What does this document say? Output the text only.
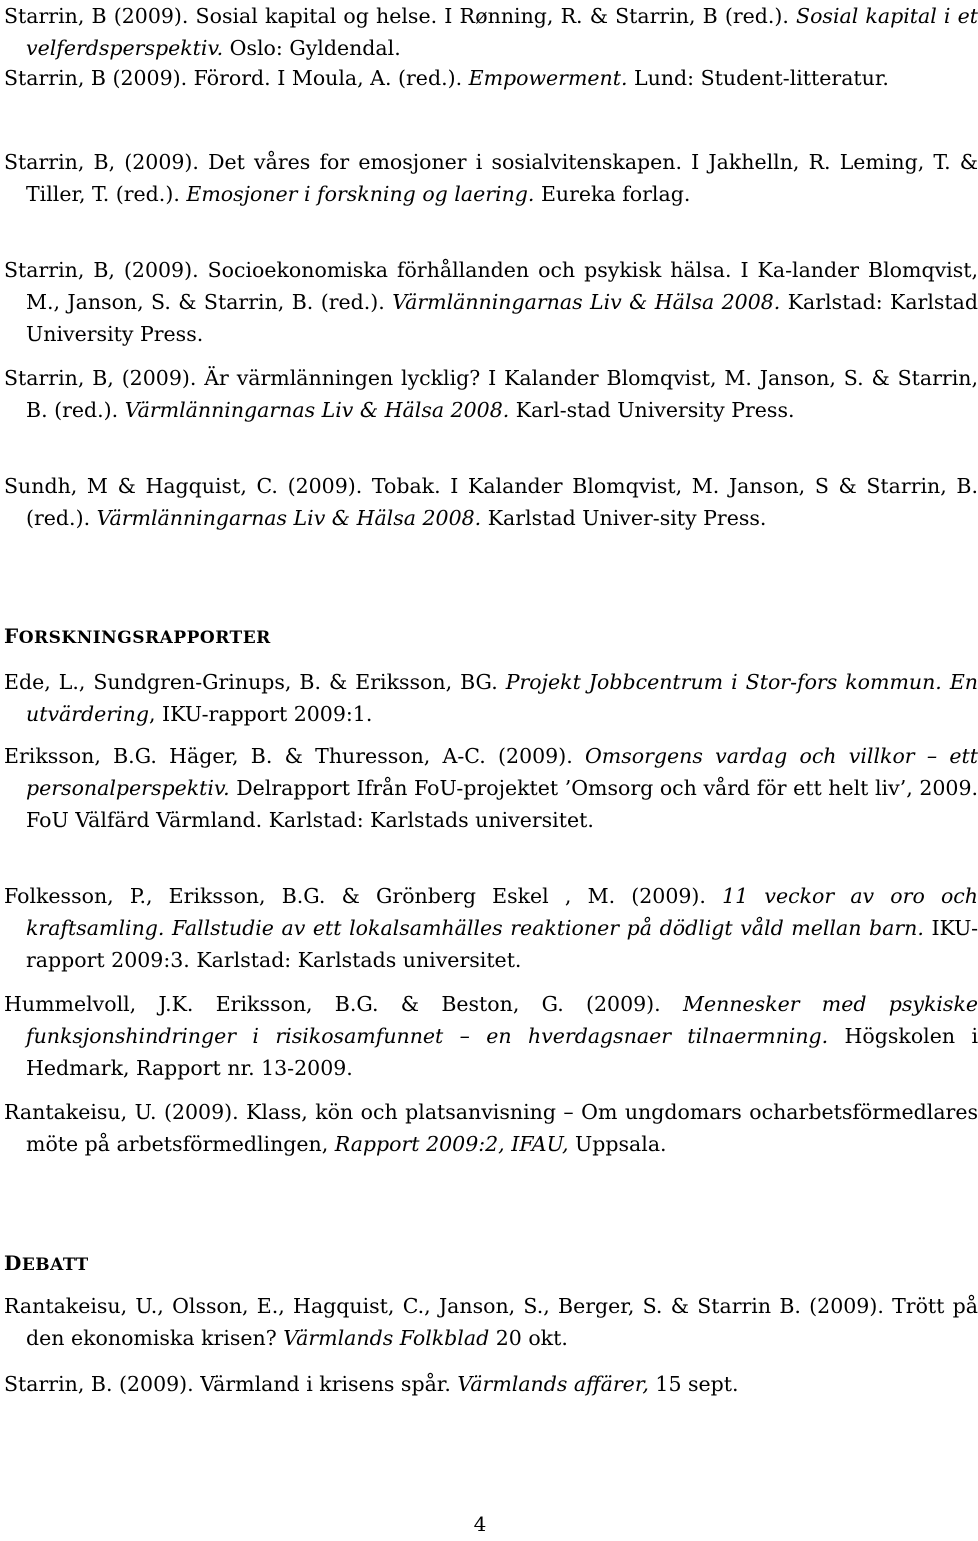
Starrin, B (2009). Sosial kapital og helse. I Rønning, R. & Starrin, B (red.). Sosial kapital i et velferdsperspektiv. Oslo: Gyldendal.
Starrin, B (2009). Förord. I Moula, A. (red.). Empowerment. Lund: Student-litteratur.
Starrin, B, (2009). Det våres for emosjoner i sosialvitenskapen. I Jakhelln, R. Leming, T. & Tiller, T. (red.). Emosjoner i forskning og laering. Eureka forlag.
Starrin, B, (2009). Socioekonomiska förhållanden och psykisk hälsa. I Ka-lander Blomqvist, M., Janson, S. & Starrin, B. (red.). Värmlänningarnas Liv & Hälsa 2008. Karlstad: Karlstad University Press.
Starrin, B, (2009). Är värmlänningen lycklig? I Kalander Blomqvist, M. Janson, S. & Starrin, B. (red.). Värmlänningarnas Liv & Hälsa 2008. Karl-stad University Press.
Sundh, M & Hagquist, C. (2009). Tobak. I Kalander Blomqvist, M. Janson, S & Starrin, B. (red.). Värmlänningarnas Liv & Hälsa 2008. Karlstad Univer-sity Press.
FORSKNINGSRAPPORTER
Ede, L., Sundgren-Grinups, B. & Eriksson, BG. Projekt Jobbcentrum i Stor-fors kommun. En utvärdering, IKU-rapport 2009:1.
Eriksson, B.G. Häger, B. & Thuresson, A-C. (2009). Omsorgens vardag och villkor – ett personalperspektiv. Delrapport Ifrån FoU-projektet ’Omsorg och vård för ett helt liv’, 2009. FoU Välfärd Värmland. Karlstad: Karlstads universitet.
Folkesson, P., Eriksson, B.G. & Grönberg Eskel , M. (2009). 11 veckor av oro och kraftsamling. Fallstudie av ett lokalsamhälles reaktioner på dödligt våld mellan barn. IKU-rapport 2009:3. Karlstad: Karlstads universitet.
Hummelvoll, J.K. Eriksson, B.G. & Beston, G. (2009). Mennesker med psykiske funksjonshindringer i risikosamfunnet – en hverdagsnaer tilnaermning. Högskolen i Hedmark, Rapport nr. 13-2009.
Rantakeisu, U. (2009). Klass, kön och platsanvisning – Om ungdomars ocharbetsförmedlares möte på arbetsförmedlingen, Rapport 2009:2, IFAU, Uppsala.
DEBATT
Rantakeisu, U., Olsson, E., Hagquist, C., Janson, S., Berger, S. & Starrin B. (2009). Trött på den ekonomiska krisen? Värmlands Folkblad 20 okt.
Starrin, B. (2009). Värmland i krisens spår. Värmlands affärer, 15 sept.
4
